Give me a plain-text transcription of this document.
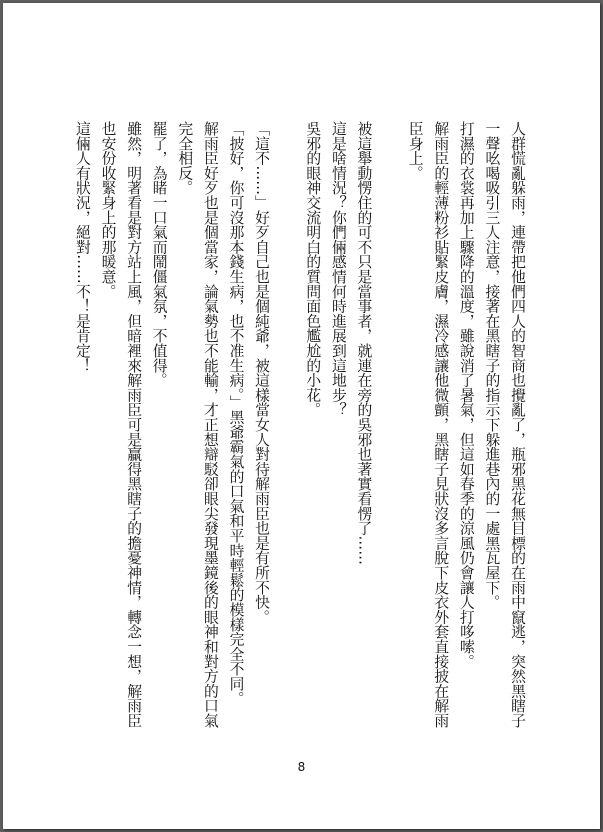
人群慌亂躲雨，連帶把他們四人的智商也攪亂了，瓶邪黑花無目標的在雨中竄逃，突然黑瞎子一聲吆喝吸引三人注意，接著在黑瞎子的指示下躲進巷內的一處黑瓦屋下。

打濕的衣裳再加上驟降的溫度，雖說消了暑氣，但這如春季的涼風仍會讓人打哆嗦。

解雨臣的輕薄粉衫貼緊皮膚，濕冷感讓他微顫，黑瞎子見狀沒多言脫下皮衣外套直接披在解雨臣身上。

被這舉動愣住的可不只是當事者，就連在旁的吳邪也著實看愣了……

這是啥情況？你們倆感情何時進展到這地步？

吳邪的眼神交流明白的質問面色尷尬的小花。

「這不……」好歹自己也是個純爺，被這樣當女人對待解雨臣也是有所不快。

「披好，你可沒那本錢生病，也不准生病。」黑爺霸氣的口氣和平時輕鬆的模樣完全不同。

解雨臣好歹也是個當家，論氣勢也不能輸，才正想辯駁卻眼尖發現墨鏡後的眼神和對方的口氣完全相反。

罷了，為睹一口氣而鬧僵氣氛，不值得。

雖然，明著看是對方站上風，但暗裡來解雨臣可是贏得黑瞎子的擔憂神情，轉念一想，解雨臣也安份收緊身上的那暖意。

這倆人有狀況，絕對……不！是肯定！

8
